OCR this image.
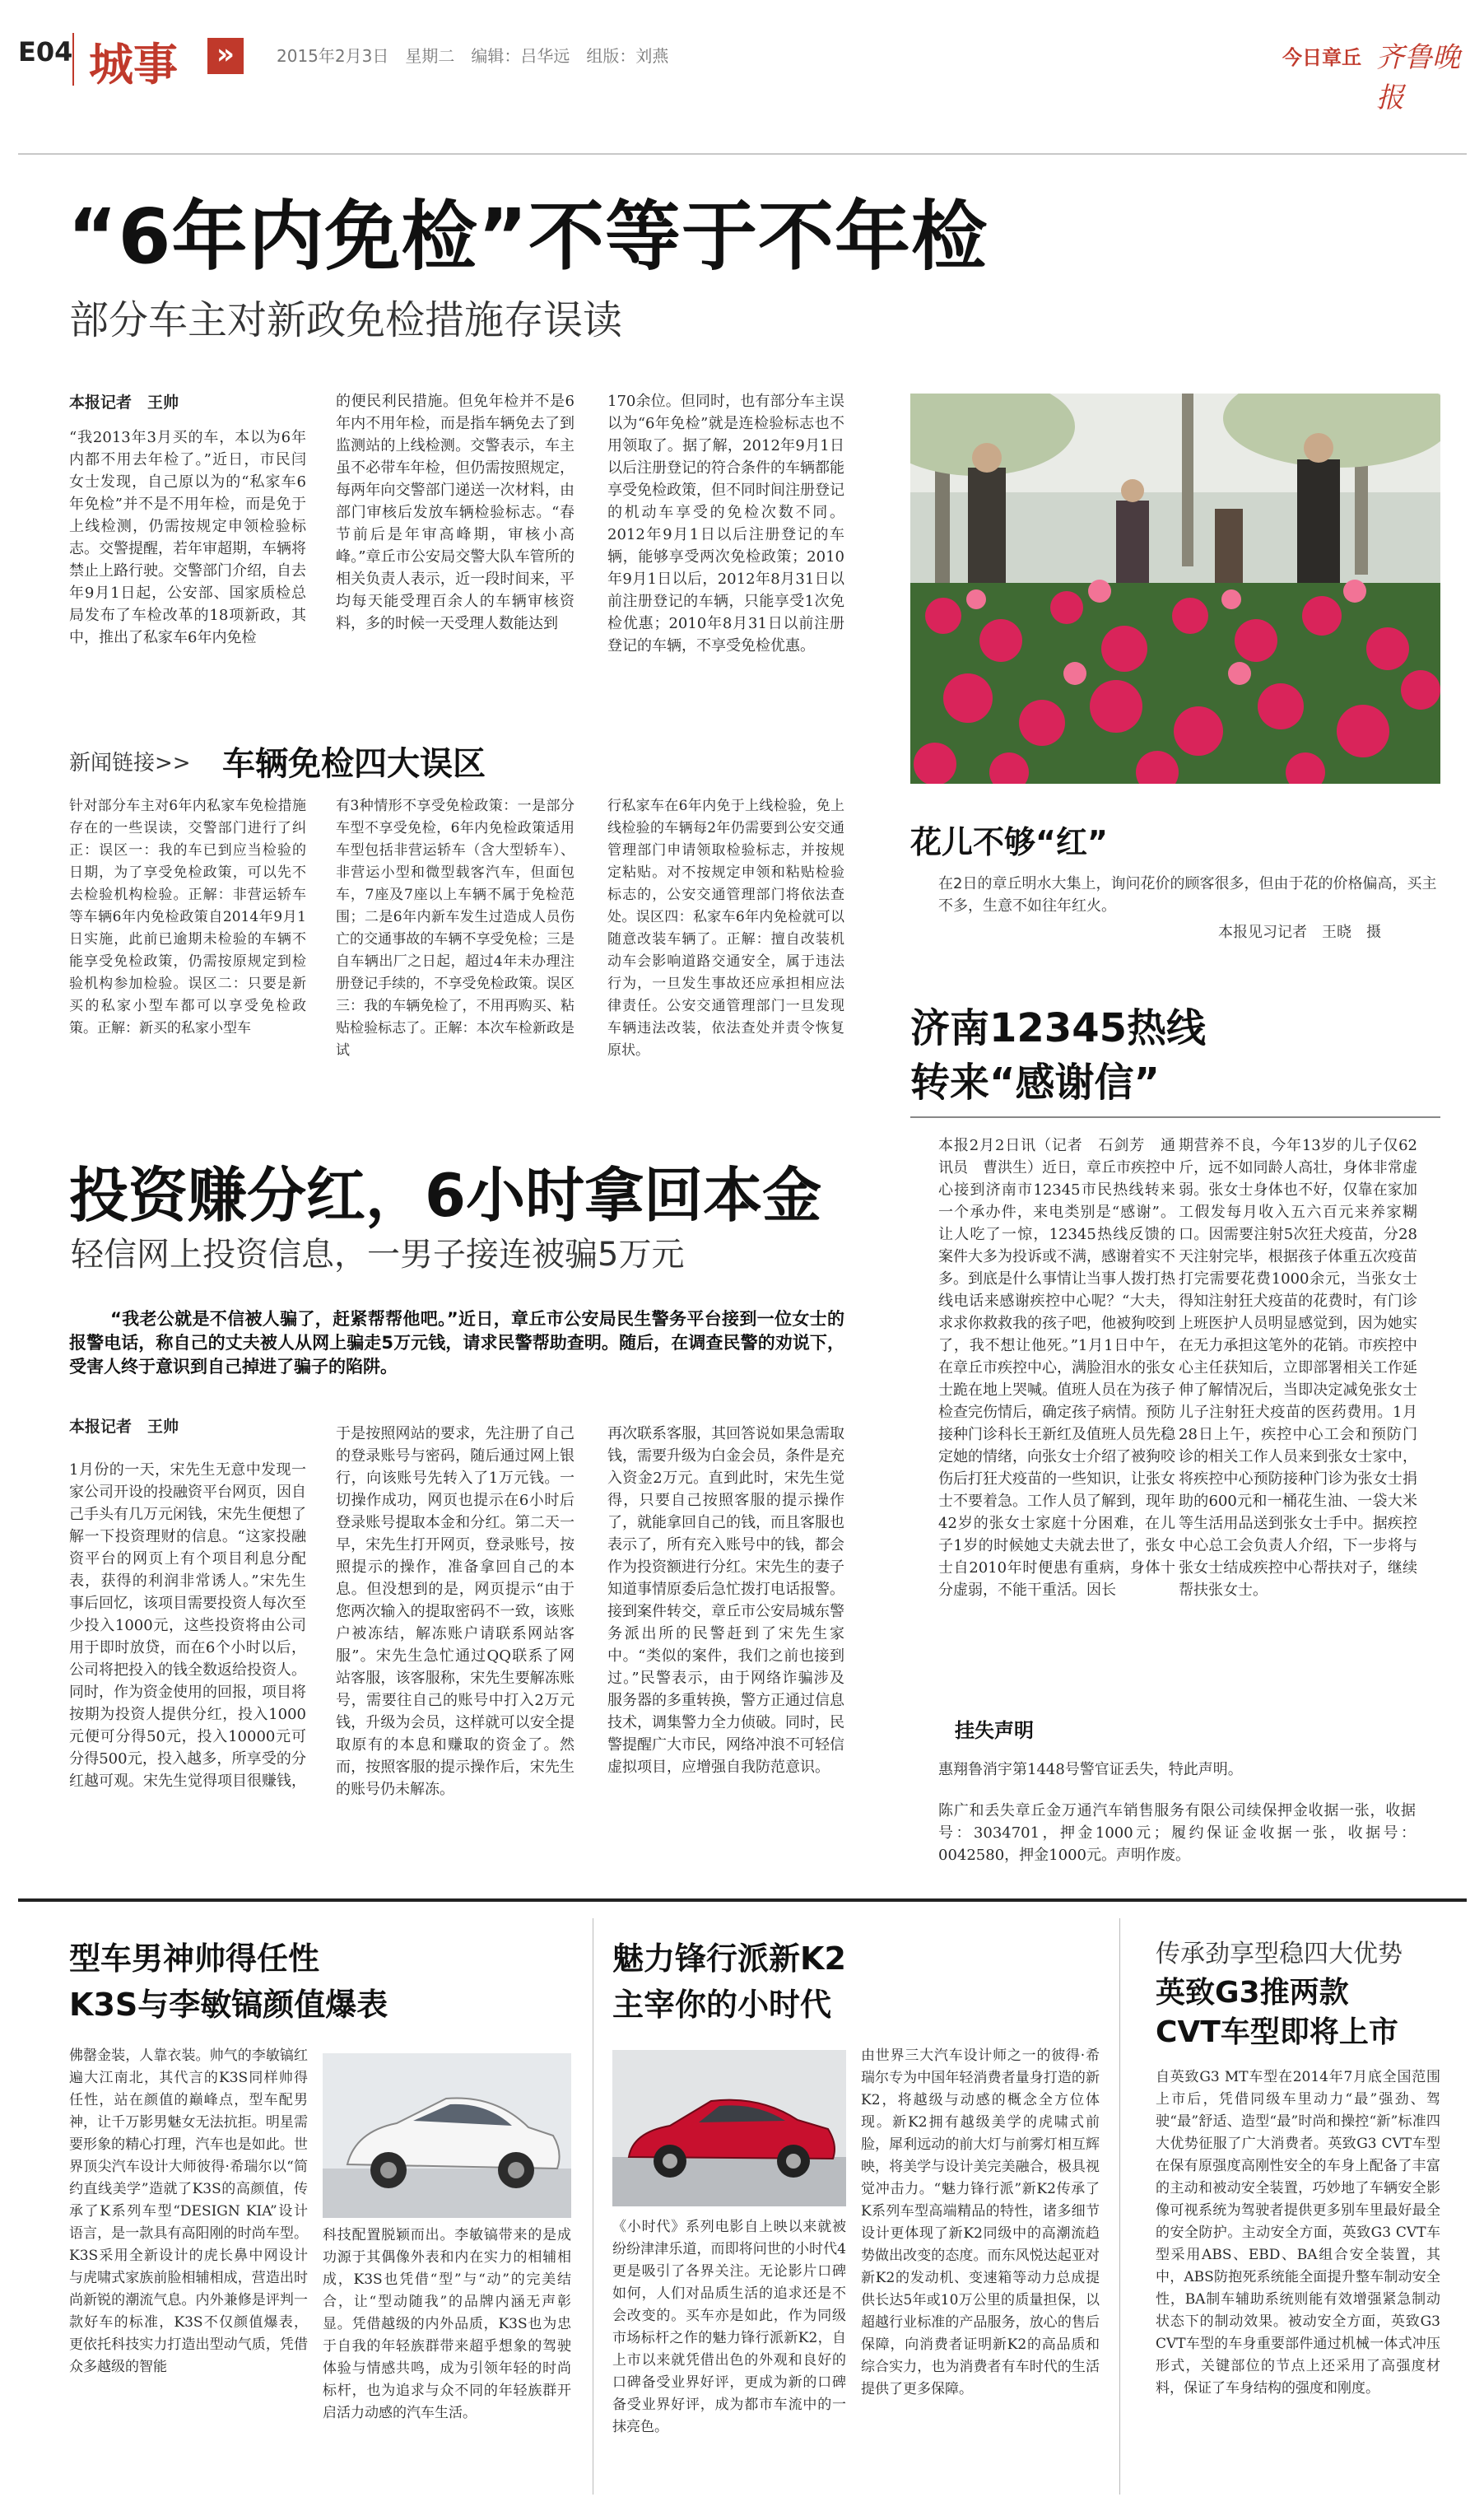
E04 城事	»	2015年2月3日　星期二　编辑：吕华远　组版：刘燕	今日章丘 齐鲁晚报
“6年内免检”不等于不年检
部分车主对新政免检措施存误读
本报记者　王帅
“我2013年3月买的车，本以为6年内都不用去年检了。”近日，市民闫女士发现，自己原以为的“私家车6年免检”并不是不用年检，而是免于上线检测，仍需按规定申领检验标志。交警提醒，若年审超期，车辆将禁止上路行驶。交警部门介绍，自去年9月1日起，公安部、国家质检总局发布了车检改革的18项新政，其中，推出了私家车6年内免检
的便民利民措施。但免年检并不是6年内不用年检，而是指车辆免去了到监测站的上线检测。交警表示，车主虽不必带车年检，但仍需按照规定，每两年向交警部门递送一次材料，由部门审核后发放车辆检验标志。“春节前后是年审高峰期，审核小高峰。”章丘市公安局交警大队车管所的相关负责人表示，近一段时间来，平均每天能受理百余人的车辆审核资料，多的时候一天受理人数能达到
170余位。但同时，也有部分车主误以为“6年免检”就是连检验标志也不用领取了。据了解，2012年9月1日以后注册登记的符合条件的车辆都能享受免检政策，但不同时间注册登记的机动车享受的免检次数不同。2012年9月1日以后注册登记的车辆，能够享受两次免检政策；2010年9月1日以后，2012年8月31日以前注册登记的车辆，只能享受1次免检优惠；2010年8月31日以前注册登记的车辆，不享受免检优惠。
新闻链接>> 车辆免检四大误区
针对部分车主对6年内私家车免检措施存在的一些误读，交警部门进行了纠正：误区一：我的车已到应当检验的日期，为了享受免检政策，可以先不去检验机构检验。正解：非营运轿车等车辆6年内免检政策自2014年9月1日实施，此前已逾期未检验的车辆不能享受免检政策，仍需按原规定到检验机构参加检验。误区二：只要是新买的私家小型车都可以享受免检政策。正解：新买的私家小型车
有3种情形不享受免检政策：一是部分车型不享受免检，6年内免检政策适用车型包括非营运轿车（含大型轿车）、非营运小型和微型载客汽车，但面包车，7座及7座以上车辆不属于免检范围；二是6年内新车发生过造成人员伤亡的交通事故的车辆不享受免检；三是自车辆出厂之日起，超过4年未办理注册登记手续的，不享受免检政策。误区三：我的车辆免检了，不用再购买、粘贴检验标志了。正解：本次车检新政是试
行私家车在6年内免于上线检验，免上线检验的车辆每2年仍需要到公安交通管理部门申请领取检验标志，并按规定粘贴。对不按规定申领和粘贴检验标志的，公安交通管理部门将依法查处。误区四：私家车6年内免检就可以随意改装车辆了。正解：擅自改装机动车会影响道路交通安全，属于违法行为，一旦发生事故还应承担相应法律责任。公安交通管理部门一旦发现车辆违法改装，依法查处并责令恢复原状。
花儿不够“红”
在2日的章丘明水大集上，询问花价的顾客很多，但由于花的价格偏高，买主不多，生意不如往年红火。
本报见习记者　王晓　摄
济南12345热线
转来“感谢信”
本报2月2日讯（记者　石剑芳　通讯员　曹洪生）近日，章丘市疾控中心接到济南市12345市民热线转来一个承办件，来电类别是“感谢”。让人吃了一惊，12345热线反馈的案件大多为投诉或不满，感谢着实不多。到底是什么事情让当事人拨打热线电话来感谢疾控中心呢？“大夫，求求你救救我的孩子吧，他被狗咬到了，我不想让他死。”1月1日中午，在章丘市疾控中心，满脸泪水的张女士跪在地上哭喊。值班人员在为孩子检查完伤情后，确定孩子病情。预防接种门诊科长王新红及值班人员先稳定她的情绪，向张女士介绍了被狗咬伤后打狂犬疫苗的一些知识，让张女士不要着急。工作人员了解到，现年42岁的张女士家庭十分困难，在儿子1岁的时候她丈夫就去世了，张女士自2010年时便患有重病，身体十分虚弱，不能干重活。因长
期营养不良，今年13岁的儿子仅62斤，远不如同龄人高壮，身体非常虚弱。张女士身体也不好，仅靠在家加工假发每月收入五六百元来养家糊口。因需要注射5次狂犬疫苗，分28天注射完毕，根据孩子体重五次疫苗打完需要花费1000余元，当张女士得知注射狂犬疫苗的花费时，有门诊上班医护人员明显感觉到，因为她实在无力承担这笔外的花销。市疾控中心主任获知后，立即部署相关工作延伸了解情况后，当即决定减免张女士儿子注射狂犬疫苗的医药费用。1月28日上午，疾控中心工会和预防门诊的相关工作人员来到张女士家中，将疾控中心预防接种门诊为张女士捐助的600元和一桶花生油、一袋大米等生活用品送到张女士手中。据疾控中心总工会负责人介绍，下一步将与张女士结成疾控中心帮扶对子，继续帮扶张女士。
挂失声明
惠翔鲁消宇第1448号警官证丢失，特此声明。
陈广和丢失章丘金万通汽车销售服务有限公司续保押金收据一张，收据号：3034701，押金1000元；履约保证金收据一张，收据号：0042580，押金1000元。声明作废。
投资赚分红，6小时拿回本金
轻信网上投资信息，一男子接连被骗5万元
“我老公就是不信被人骗了，赶紧帮帮他吧。”近日，章丘市公安局民生警务平台接到一位女士的报警电话，称自己的丈夫被人从网上骗走5万元钱，请求民警帮助查明。随后，在调查民警的劝说下，受害人终于意识到自己掉进了骗子的陷阱。
本报记者　王帅
1月份的一天，宋先生无意中发现一家公司开设的投融资平台网页，因自己手头有几万元闲钱，宋先生便想了解一下投资理财的信息。“这家投融资平台的网页上有个项目利息分配表，获得的利润非常诱人。”宋先生事后回忆，该项目需要投资人每次至少投入1000元，这些投资将由公司用于即时放贷，而在6个小时以后，公司将把投入的钱全数返给投资人。同时，作为资金使用的回报，项目将按期为投资人提供分红，投入1000元便可分得50元，投入10000元可分得500元，投入越多，所享受的分红越可观。宋先生觉得项目很赚钱，
于是按照网站的要求，先注册了自己的登录账号与密码，随后通过网上银行，向该账号先转入了1万元钱。一切操作成功，网页也提示在6小时后登录账号提取本金和分红。第二天一早，宋先生打开网页，登录账号，按照提示的操作，准备拿回自己的本息。但没想到的是，网页提示“由于您两次输入的提取密码不一致，该账户被冻结，解冻账户请联系网站客服”。宋先生急忙通过QQ联系了网站客服，该客服称，宋先生要解冻账号，需要往自己的账号中打入2万元钱，升级为会员，这样就可以安全提取原有的本息和赚取的资金了。然而，按照客服的提示操作后，宋先生的账号仍未解冻。
再次联系客服，其回答说如果急需取钱，需要升级为白金会员，条件是充入资金2万元。直到此时，宋先生觉得，只要自己按照客服的提示操作了，就能拿回自己的钱，而且客服也表示了，所有充入账号中的钱，都会作为投资额进行分红。宋先生的妻子知道事情原委后急忙拨打电话报警。接到案件转交，章丘市公安局城东警务派出所的民警赶到了宋先生家中。“类似的案件，我们之前也接到过。”民警表示，由于网络诈骗涉及服务器的多重转换，警方正通过信息技术，调集警力全力侦破。同时，民警提醒广大市民，网络冲浪不可轻信虚拟项目，应增强自我防范意识。
型车男神帅得任性
K3S与李敏镐颜值爆表
佛罄金装，人靠衣装。帅气的李敏镐红遍大江南北，其代言的K3S同样帅得任性，站在颜值的巅峰点，型车配男神，让千万影男魅女无法抗拒。明星需要形象的精心打理，汽车也是如此。世界顶尖汽车设计大师彼得·希瑞尔以“简约直线美学”造就了K3S的高颜值，传承了K系列车型“DESIGN KIA”设计语言，是一款具有高阳刚的时尚车型。K3S采用全新设计的虎长鼻中网设计与虎啸式家族前脸相辅相成，营造出时尚新锐的潮流气息。内外兼修是评判一款好车的标准，K3S不仅颜值爆表，更依托科技实力打造出型动气质，凭借众多越级的智能
科技配置脱颖而出。李敏镐带来的是成功源于其偶像外表和内在实力的相辅相成，K3S也凭借“型”与“动”的完美结合，让“型动随我”的品牌内涵无声彰显。凭借越级的内外品质，K3S也为忠于自我的年轻族群带来超乎想象的驾驶体验与情感共鸣，成为引领年轻的时尚标杆，也为追求与众不同的年轻族群开启活力动感的汽车生活。
魅力锋行派新K2
主宰你的小时代
《小时代》系列电影自上映以来就被纷纷津津乐道，而即将问世的小时代4更是吸引了各界关注。无论影片口碑如何，人们对品质生活的追求还是不会改变的。买车亦是如此，作为同级市场标杆之作的魅力锋行派新K2，自上市以来就凭借出色的外观和良好的口碑备受业界好评，更成为新的口碑备受业界好评，成为都市车流中的一抹亮色。
由世界三大汽车设计师之一的彼得·希瑞尔专为中国年轻消费者量身打造的新K2，将越级与动感的概念全方位体现。新K2拥有越级美学的虎啸式前脸，犀利远动的前大灯与前雾灯相互辉映，将美学与设计美完美融合，极具视觉冲击力。“魅力锋行派”新K2传承了K系列车型高端精品的特性，诸多细节设计更体现了新K2同级中的高潮流趋势做出改变的态度。而东风悦达起亚对新K2的发动机、变速箱等动力总成提供长达5年或10万公里的质量担保，以超越行业标准的产品服务，放心的售后保障，向消费者证明新K2的高品质和综合实力，也为消费者有车时代的生活提供了更多保障。
传承劲享型稳四大优势
英致G3推两款
CVT车型即将上市
自英致G3 MT车型在2014年7月底全国范围上市后，凭借同级车里动力“最”强劲、驾驶“最”舒适、造型“最”时尚和操控“新”标准四大优势征服了广大消费者。英致G3 CVT车型在保有原强度高刚性安全的车身上配备了丰富的主动和被动安全装置，巧妙地了车辆安全影像可视系统为驾驶者提供更多别车里最好最全的安全防护。主动安全方面，英致G3 CVT车型采用ABS、EBD、BA组合安全装置，其中，ABS防抱死系统能全面提升整车制动安全性，BA制车辅助系统则能有效增强紧急制动状态下的制动效果。被动安全方面，英致G3 CVT车型的车身重要部件通过机械一体式冲压形式，关键部位的节点上还采用了高强度材料，保证了车身结构的强度和刚度。
